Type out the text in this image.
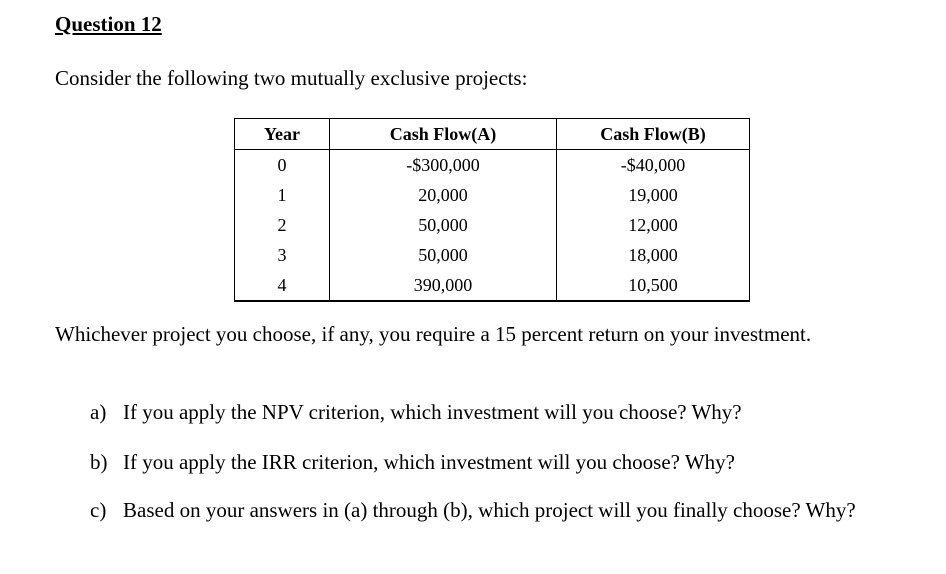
Question 12
Consider the following two mutually exclusive projects:
Year	Cash Flow(A)	Cash Flow(B)
0	-$300,000	-$40,000
1	20,000	19,000
2	50,000	12,000
3	50,000	18,000
4	390,000	10,500
Whichever project you choose, if any, you require a 15 percent return on your investment.
a) If you apply the NPV criterion, which investment will you choose? Why?
b) If you apply the IRR criterion, which investment will you choose? Why?
c) Based on your answers in (a) through (b), which project will you finally choose? Why?
